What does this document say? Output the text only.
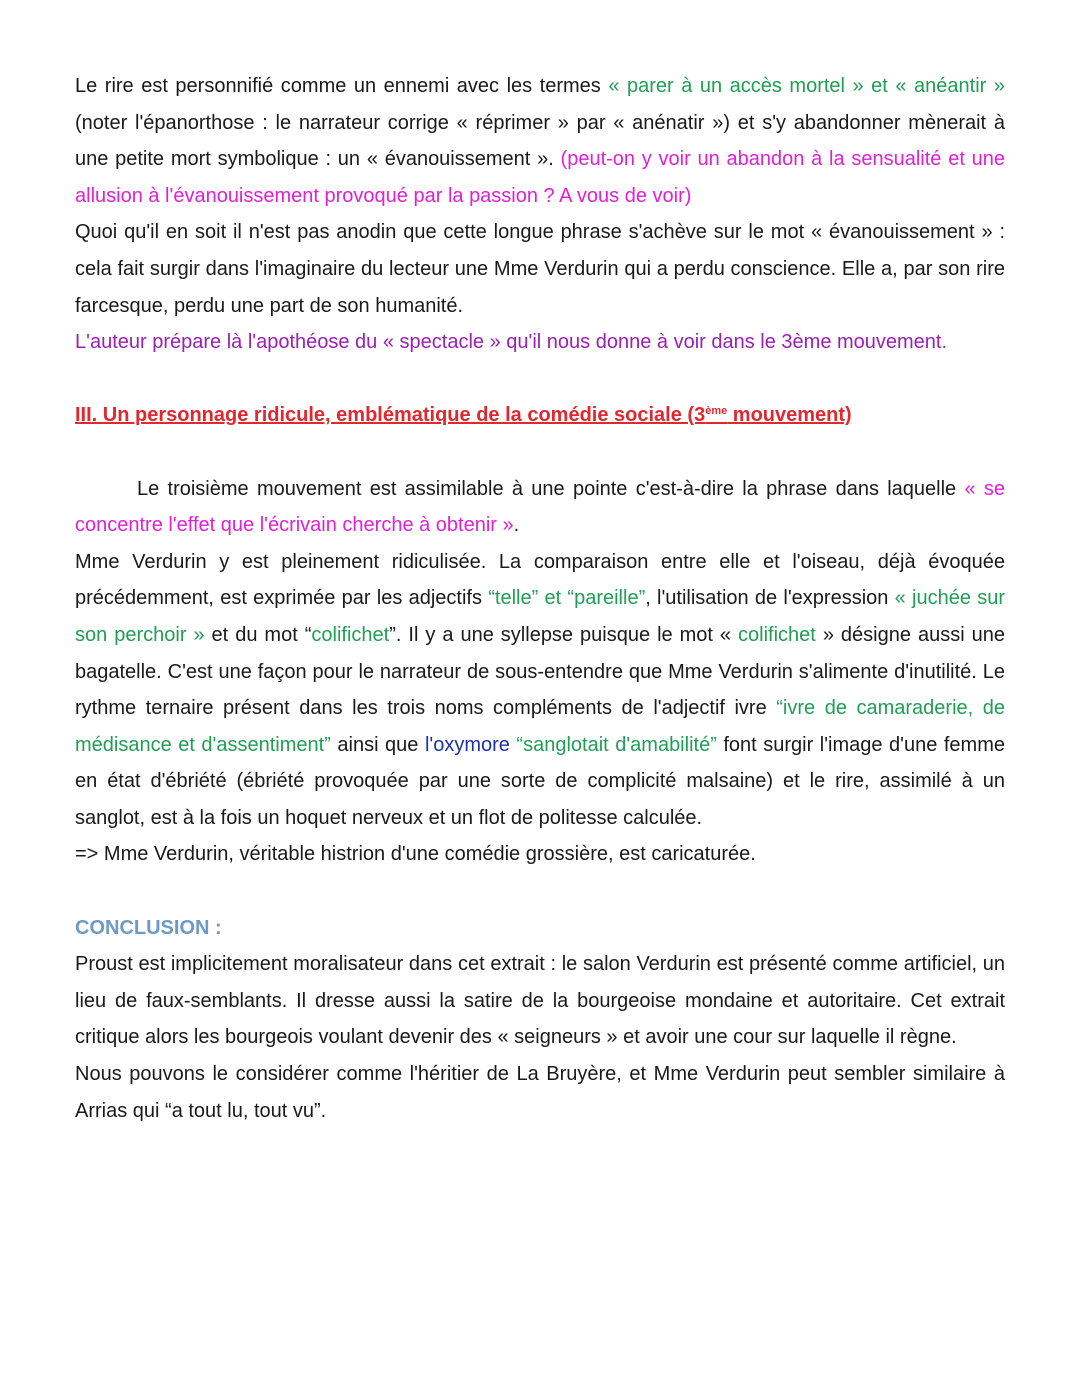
Le rire est personnifié comme un ennemi avec les termes « parer à un accès mortel » et « anéantir » (noter l'épanorthose : le narrateur corrige « réprimer » par « anénatir ») et s'y abandonner mènerait à une petite mort symbolique : un « évanouissement ». (peut-on y voir un abandon à la sensualité et une allusion à l'évanouissement provoqué par la passion ? A vous de voir)

Quoi qu'il en soit il n'est pas anodin que cette longue phrase s'achève sur le mot « évanouissement » : cela fait surgir dans l'imaginaire du lecteur une Mme Verdurin qui a perdu conscience. Elle a, par son rire farcesque, perdu une part de son humanité.

L'auteur prépare là l'apothéose du « spectacle » qu'il nous donne à voir dans le 3ème mouvement.

III. Un personnage ridicule, emblématique de la comédie sociale (3ème mouvement)

Le troisième mouvement est assimilable à une pointe c'est-à-dire la phrase dans laquelle « se concentre l'effet que l'écrivain cherche à obtenir ».

Mme Verdurin y est pleinement ridiculisée. La comparaison entre elle et l'oiseau, déjà évoquée précédemment, est exprimée par les adjectifs “telle” et “pareille”, l'utilisation de l'expression « juchée sur son perchoir » et du mot “colifichet”. Il y a une syllepse puisque le mot « colifichet » désigne aussi une bagatelle. C'est une façon pour le narrateur de sous-entendre que Mme Verdurin s'alimente d'inutilité. Le rythme ternaire présent dans les trois noms compléments de l'adjectif ivre “ivre de camaraderie, de médisance et d'assentiment” ainsi que l'oxymore “sanglotait d'amabilité” font surgir l'image d'une femme en état d'ébriété (ébriété provoquée par une sorte de complicité malsaine) et le rire, assimilé à un sanglot, est à la fois un hoquet nerveux et un flot de politesse calculée.

=> Mme Verdurin, véritable histrion d'une comédie grossière, est caricaturée.

CONCLUSION :

Proust est implicitement moralisateur dans cet extrait : le salon Verdurin est présenté comme artificiel, un lieu de faux-semblants. Il dresse aussi la satire de la bourgeoise mondaine et autoritaire. Cet extrait critique alors les bourgeois voulant devenir des « seigneurs » et avoir une cour sur laquelle il règne.

Nous pouvons le considérer comme l'héritier de La Bruyère, et Mme Verdurin peut sembler similaire à Arrias qui “a tout lu, tout vu”.
